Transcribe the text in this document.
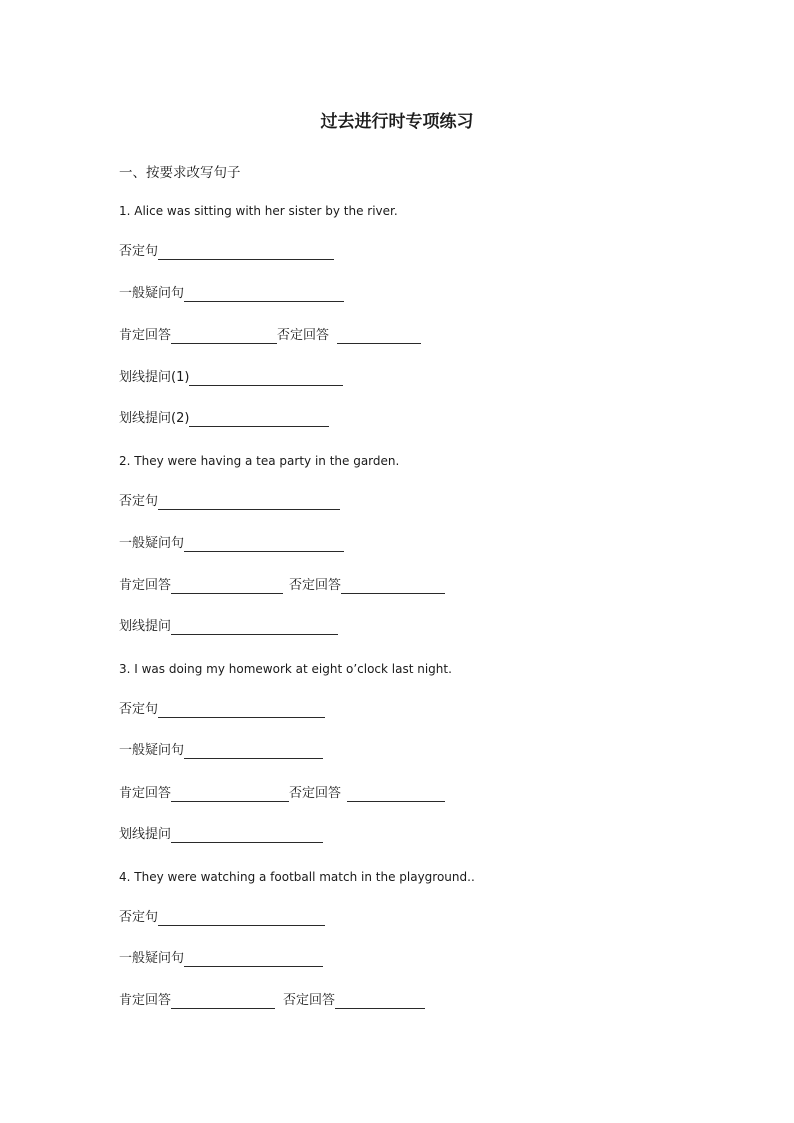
过去进行时专项练习
一、按要求改写句子
1. Alice was sitting with her sister by the river.
否定句
一般疑问句
肯定回答	否定回答
划线提问(1)
划线提问(2)
2. They were having a tea party in the garden.
否定句
一般疑问句
肯定回答	否定回答
划线提问
3. I was doing my homework at eight o’clock last night.
否定句
一般疑问句
肯定回答	否定回答
划线提问
4. They were watching a football match in the playground..
否定句
一般疑问句
肯定回答	否定回答
